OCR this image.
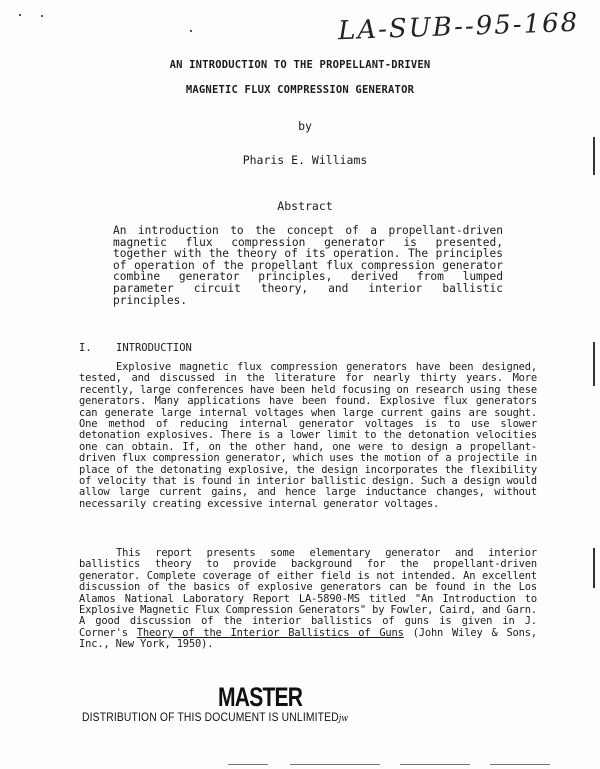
LA-SUB--95-168
AN INTRODUCTION TO THE PROPELLANT-DRIVEN
MAGNETIC FLUX COMPRESSION GENERATOR
by
Pharis E. Williams
Abstract
An introduction to the concept of a propellant-driven magnetic flux compression generator is presented, together with the theory of its operation. The principles of operation of the propellant flux compression generator combine generator principles, derived from lumped parameter circuit theory, and interior ballistic principles.
I. INTRODUCTION
Explosive magnetic flux compression generators have been designed, tested, and discussed in the literature for nearly thirty years. More recently, large conferences have been held focusing on research using these generators. Many applications have been found. Explosive flux generators can generate large internal voltages when large current gains are sought. One method of reducing internal generator voltages is to use slower detonation explosives. There is a lower limit to the detonation velocities one can obtain. If, on the other hand, one were to design a propellant-driven flux compression generator, which uses the motion of a projectile in place of the detonating explosive, the design incorporates the flexibility of velocity that is found in interior ballistic design. Such a design would allow large current gains, and hence large inductance changes, without necessarily creating excessive internal generator voltages.
This report presents some elementary generator and interior ballistics theory to provide background for the propellant-driven generator. Complete coverage of either field is not intended. An excellent discussion of the basics of explosive generators can be found in the Los Alamos National Laboratory Report LA-5890-MS titled "An Introduction to Explosive Magnetic Flux Compression Generators" by Fowler, Caird, and Garn. A good discussion of the interior ballistics of guns is given in J. Corner's Theory of the Interior Ballistics of Guns (John Wiley & Sons, Inc., New York, 1950).
MASTER
DISTRIBUTION OF THIS DOCUMENT IS UNLIMITEDjw
